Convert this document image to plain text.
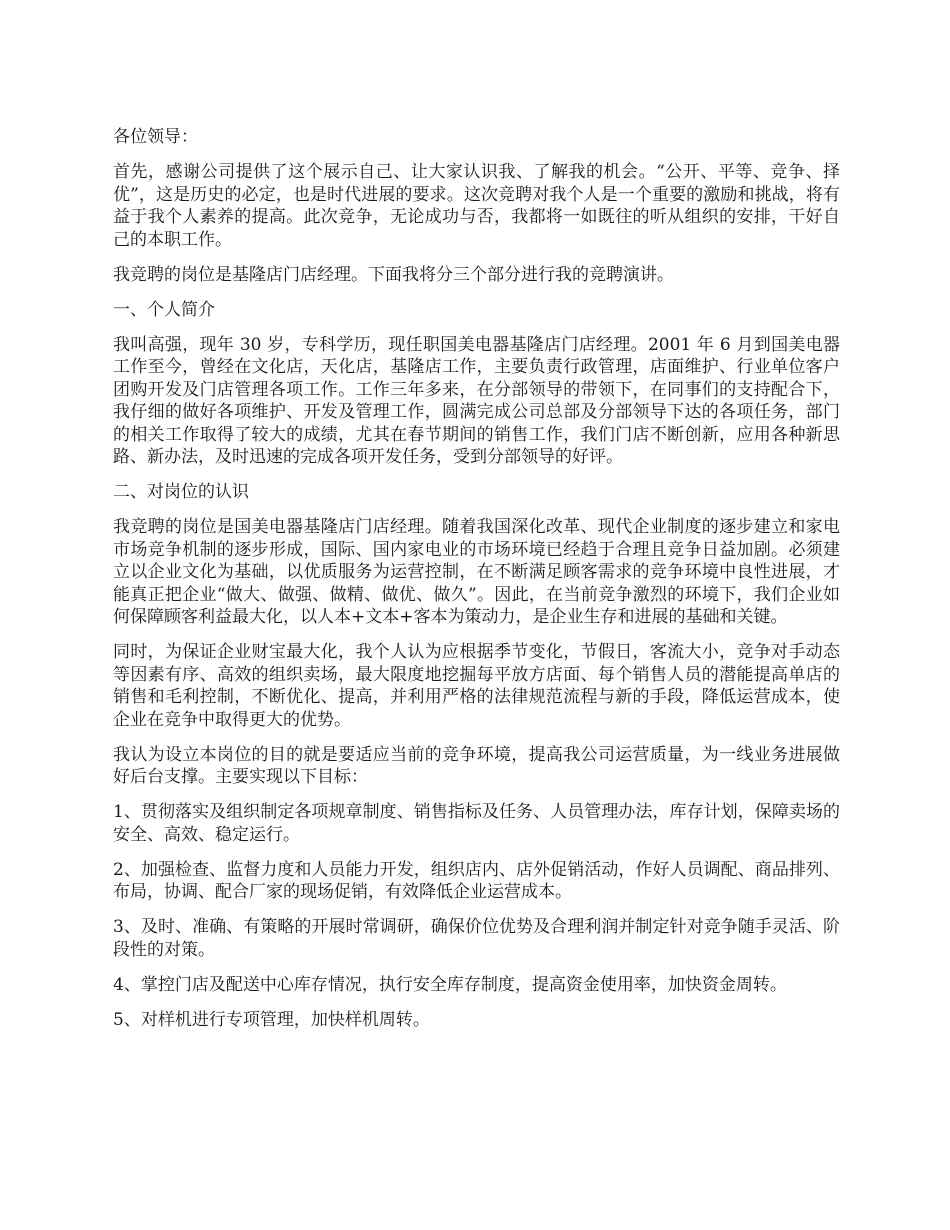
各位领导：

首先，感谢公司提供了这个展示自己、让大家认识我、了解我的机会。“公开、平等、竞争、择优”，这是历史的必定，也是时代进展的要求。这次竞聘对我个人是一个重要的激励和挑战，将有益于我个人素养的提高。此次竞争，无论成功与否，我都将一如既往的听从组织的安排，干好自己的本职工作。

我竞聘的岗位是基隆店门店经理。下面我将分三个部分进行我的竞聘演讲。

一、个人简介

我叫高强，现年 30 岁，专科学历，现任职国美电器基隆店门店经理。2001 年 6 月到国美电器工作至今，曾经在文化店，天化店，基隆店工作，主要负责行政管理，店面维护、行业单位客户团购开发及门店管理各项工作。工作三年多来，在分部领导的带领下，在同事们的支持配合下，我仔细的做好各项维护、开发及管理工作，圆满完成公司总部及分部领导下达的各项任务，部门的相关工作取得了较大的成绩，尤其在春节期间的销售工作，我们门店不断创新，应用各种新思路、新办法，及时迅速的完成各项开发任务，受到分部领导的好评。

二、对岗位的认识

我竞聘的岗位是国美电器基隆店门店经理。随着我国深化改革、现代企业制度的逐步建立和家电市场竞争机制的逐步形成，国际、国内家电业的市场环境已经趋于合理且竞争日益加剧。必须建立以企业文化为基础，以优质服务为运营控制，在不断满足顾客需求的竞争环境中良性进展，才能真正把企业“做大、做强、做精、做优、做久”。因此，在当前竞争激烈的环境下，我们企业如何保障顾客利益最大化，以人本+文本+客本为策动力，是企业生存和进展的基础和关键。

同时，为保证企业财宝最大化，我个人认为应根据季节变化，节假日，客流大小，竞争对手动态等因素有序、高效的组织卖场，最大限度地挖掘每平放方店面、每个销售人员的潜能提高单店的销售和毛利控制，不断优化、提高，并利用严格的法律规范流程与新的手段，降低运营成本，使企业在竞争中取得更大的优势。

我认为设立本岗位的目的就是要适应当前的竞争环境，提高我公司运营质量，为一线业务进展做好后台支撑。主要实现以下目标：

1、贯彻落实及组织制定各项规章制度、销售指标及任务、人员管理办法，库存计划，保障卖场的安全、高效、稳定运行。

2、加强检查、监督力度和人员能力开发，组织店内、店外促销活动，作好人员调配、商品排列、布局，协调、配合厂家的现场促销，有效降低企业运营成本。

3、及时、准确、有策略的开展时常调研，确保价位优势及合理利润并制定针对竞争随手灵活、阶段性的对策。

4、掌控门店及配送中心库存情况，执行安全库存制度，提高资金使用率，加快资金周转。

5、对样机进行专项管理，加快样机周转。
